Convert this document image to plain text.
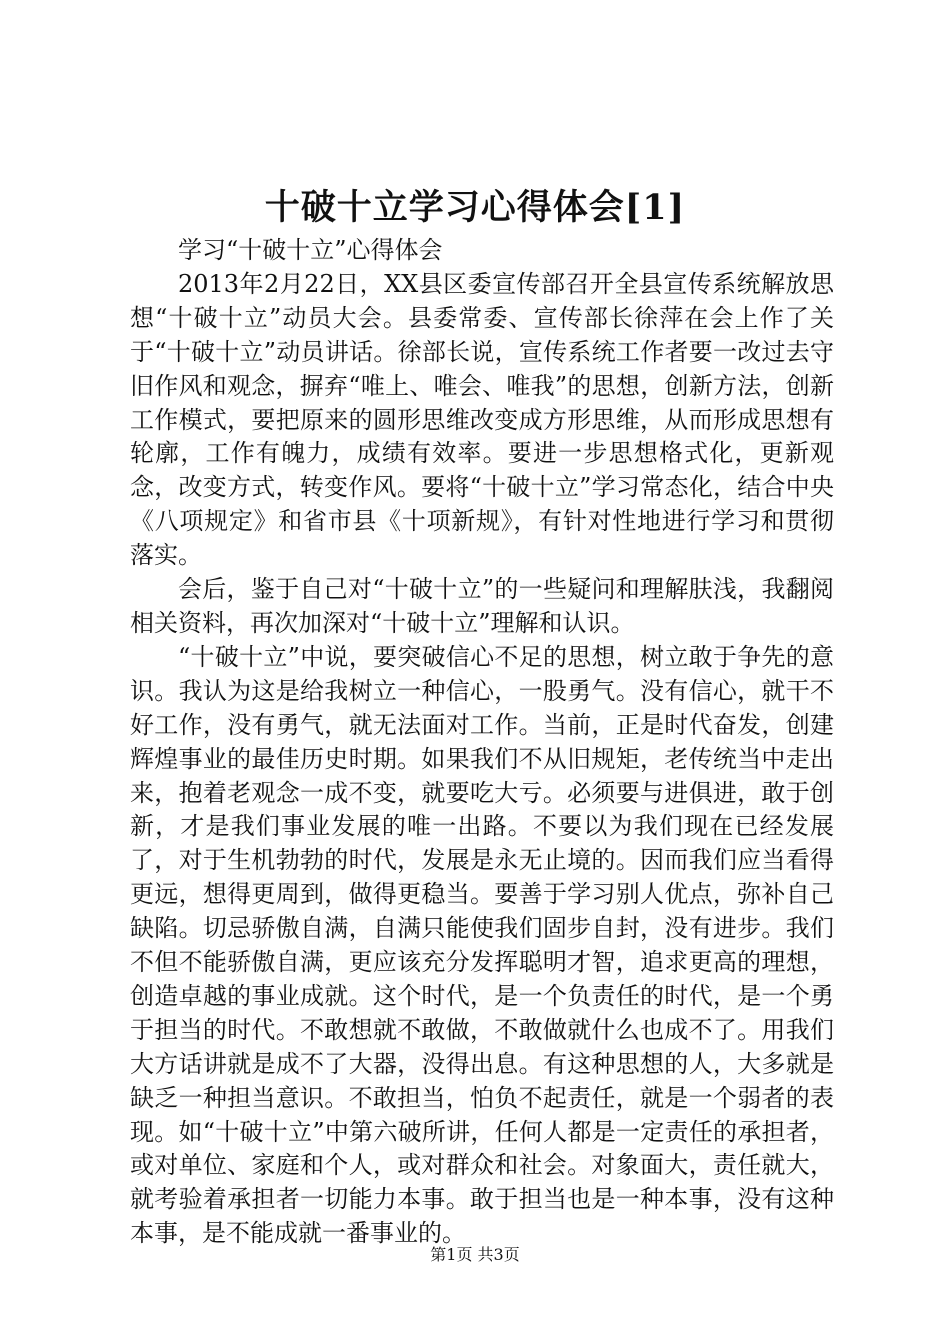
十破十立学习心得体会[1]

学习“十破十立”心得体会

2013年2月22日，XX县区委宣传部召开全县宣传系统解放思想“十破十立”动员大会。县委常委、宣传部长徐萍在会上作了关于“十破十立”动员讲话。徐部长说，宣传系统工作者要一改过去守旧作风和观念，摒弃“唯上、唯会、唯我”的思想，创新方法，创新工作模式，要把原来的圆形思维改变成方形思维，从而形成思想有轮廓，工作有魄力，成绩有效率。要进一步思想格式化，更新观念，改变方式，转变作风。要将“十破十立”学习常态化，结合中央《八项规定》和省市县《十项新规》，有针对性地进行学习和贯彻落实。

会后，鉴于自己对“十破十立”的一些疑问和理解肤浅，我翻阅相关资料，再次加深对“十破十立”理解和认识。

“十破十立”中说，要突破信心不足的思想，树立敢于争先的意识。我认为这是给我树立一种信心，一股勇气。没有信心，就干不好工作，没有勇气，就无法面对工作。当前，正是时代奋发，创建辉煌事业的最佳历史时期。如果我们不从旧规矩，老传统当中走出来，抱着老观念一成不变，就要吃大亏。必须要与进俱进，敢于创新，才是我们事业发展的唯一出路。不要以为我们现在已经发展了，对于生机勃勃的时代，发展是永无止境的。因而我们应当看得更远，想得更周到，做得更稳当。要善于学习别人优点，弥补自己缺陷。切忌骄傲自满，自满只能使我们固步自封，没有进步。我们不但不能骄傲自满，更应该充分发挥聪明才智，追求更高的理想，创造卓越的事业成就。这个时代，是一个负责任的时代，是一个勇于担当的时代。不敢想就不敢做，不敢做就什么也成不了。用我们大方话讲就是成不了大器，没得出息。有这种思想的人，大多就是缺乏一种担当意识。不敢担当，怕负不起责任，就是一个弱者的表现。如“十破十立”中第六破所讲，任何人都是一定责任的承担者，或对单位、家庭和个人，或对群众和社会。对象面大，责任就大，就考验着承担者一切能力本事。敢于担当也是一种本事，没有这种本事，是不能成就一番事业的。

第1页 共3页
